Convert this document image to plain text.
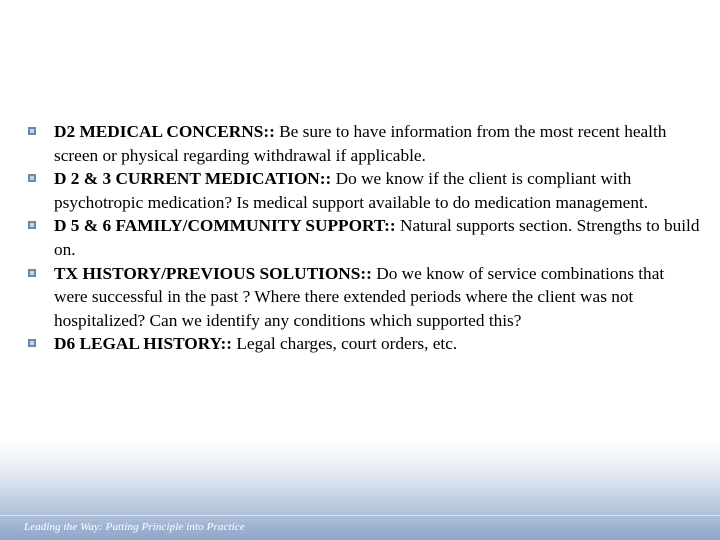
D2 MEDICAL CONCERNS:: Be sure to have information from the most recent health screen or physical regarding withdrawal if applicable.
D 2 & 3 CURRENT MEDICATION:: Do we know if the client is compliant with psychotropic medication? Is medical support available to do medication management.
D 5 & 6 FAMILY/COMMUNITY SUPPORT:: Natural supports section. Strengths to build on.
TX HISTORY/PREVIOUS SOLUTIONS:: Do we know of service combinations that were successful in the past ? Where there extended periods where the client was not hospitalized? Can we identify any conditions which supported this?
D6 LEGAL HISTORY:: Legal charges, court orders, etc.
Leading the Way: Putting Principle into Practice
